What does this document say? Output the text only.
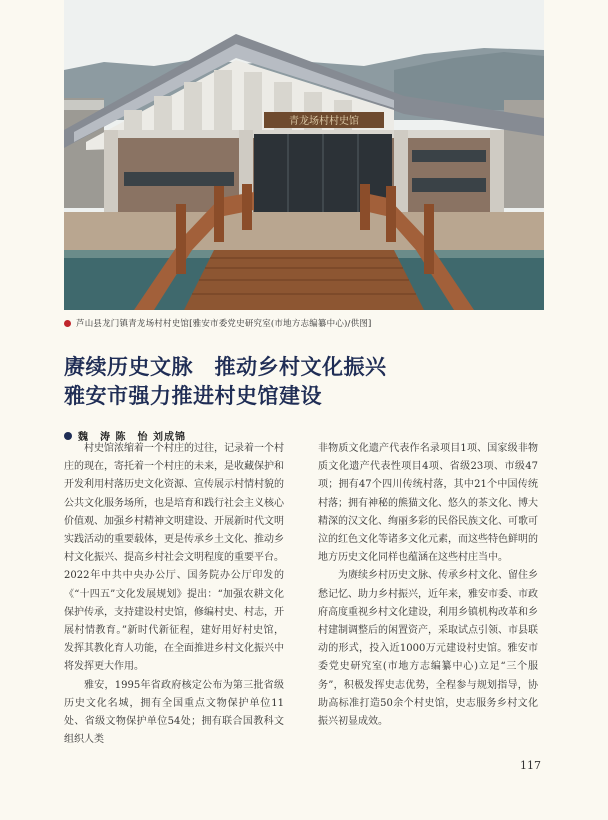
青龙场村村史馆
芦山县龙门镇青龙场村村史馆[雅安市委党史研究室(市地方志编纂中心)/供图]
赓续历史文脉　推动乡村文化振兴
雅安市强力推进村史馆建设
魏　涛 陈　怡 刘成锦

村史馆浓缩着一个村庄的过往，记录着一个村庄的现在，寄托着一个村庄的未来，是收藏保护和开发利用村落历史文化资源、宣传展示村情村貌的公共文化服务场所，也是培育和践行社会主义核心价值观、加强乡村精神文明建设、开展新时代文明实践活动的重要载体，更是传承乡土文化、推动乡村文化振兴、提高乡村社会文明程度的重要平台。2022年中共中央办公厅、国务院办公厅印发的《“十四五”文化发展规划》提出：“加强农耕文化保护传承，支持建设村史馆，修编村史、村志，开展村情教育。”新时代新征程，建好用好村史馆，发挥其教化育人功能，在全面推进乡村文化振兴中将发挥更大作用。

雅安，1995年省政府核定公布为第三批省级历史文化名城，拥有全国重点文物保护单位11处、省级文物保护单位54处；拥有联合国教科文组织人类

非物质文化遗产代表作名录项目1项、国家级非物质文化遗产代表性项目4项、省级23项、市级47项；拥有47个四川传统村落，其中21个中国传统村落；拥有神秘的熊猫文化、悠久的茶文化、博大精深的汉文化、绚丽多彩的民俗民族文化、可歌可泣的红色文化等诸多文化元素，而这些特色鲜明的地方历史文化同样也蕴涵在这些村庄当中。

为赓续乡村历史文脉、传承乡村文化、留住乡愁记忆、助力乡村振兴，近年来，雅安市委、市政府高度重视乡村文化建设，利用乡镇机构改革和乡村建制调整后的闲置资产，采取试点引领、市县联动的形式，投入近1000万元建设村史馆。雅安市委党史研究室(市地方志编纂中心)立足“三个服务”，积极发挥史志优势，全程参与规划指导，协助高标准打造50余个村史馆，史志服务乡村文化振兴初显成效。

117
